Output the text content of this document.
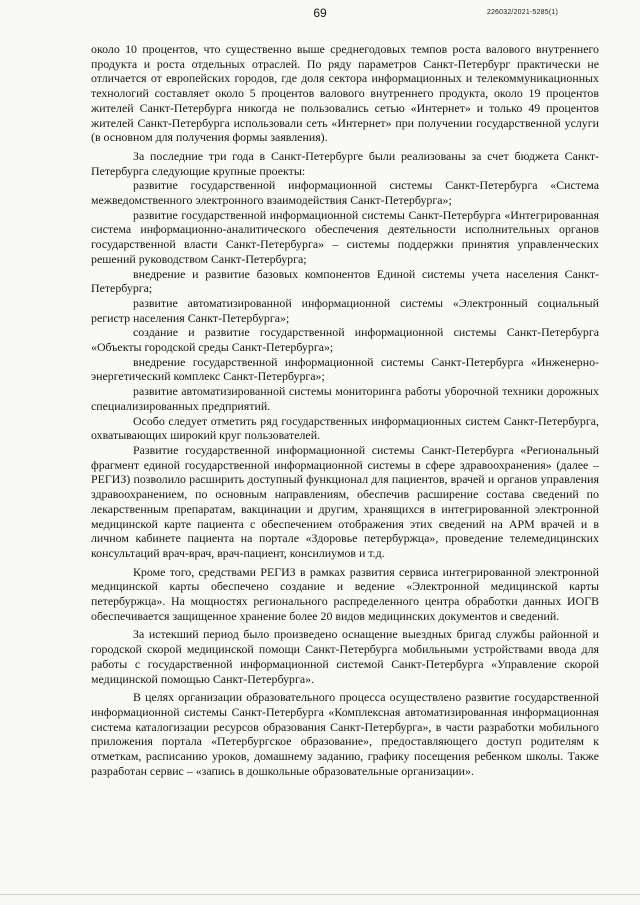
69	226032/2021-5285(1)

около 10 процентов, что существенно выше среднегодовых темпов роста валового внутреннего продукта и роста отдельных отраслей. По ряду параметров Санкт-Петербург практически не отличается от европейских городов, где доля сектора информационных и телекоммуникационных технологий составляет около 5 процентов валового внутреннего продукта, около 19 процентов жителей Санкт-Петербурга никогда не пользовались сетью «Интернет» и только 49 процентов жителей Санкт-Петербурга использовали сеть «Интернет» при получении государственной услуги (в основном для получения формы заявления).

За последние три года в Санкт-Петербурге были реализованы за счет бюджета Санкт-Петербурга следующие крупные проекты:

развитие государственной информационной системы Санкт-Петербурга «Система межведомственного электронного взаимодействия Санкт-Петербурга»;

развитие государственной информационной системы Санкт-Петербурга «Интегрированная система информационно-аналитического обеспечения деятельности исполнительных органов государственной власти Санкт-Петербурга» – системы поддержки принятия управленческих решений руководством Санкт-Петербурга;

внедрение и развитие базовых компонентов Единой системы учета населения Санкт-Петербурга;

развитие автоматизированной информационной системы «Электронный социальный регистр населения Санкт-Петербурга»;

создание и развитие государственной информационной системы Санкт-Петербурга «Объекты городской среды Санкт-Петербурга»;

внедрение государственной информационной системы Санкт-Петербурга «Инженерно-энергетический комплекс Санкт-Петербурга»;

развитие автоматизированной системы мониторинга работы уборочной техники дорожных специализированных предприятий.

Особо следует отметить ряд государственных информационных систем Санкт-Петербурга, охватывающих широкий круг пользователей.

Развитие государственной информационной системы Санкт-Петербурга «Региональный фрагмент единой государственной информационной системы в сфере здравоохранения» (далее – РЕГИЗ) позволило расширить доступный функционал для пациентов, врачей и органов управления здравоохранением, по основным направлениям, обеспечив расширение состава сведений по лекарственным препаратам, вакцинации и другим, хранящихся в интегрированной электронной медицинской карте пациента с обеспечением отображения этих сведений на АРМ врачей и в личном кабинете пациента на портале «Здоровье петербуржца», проведение телемедицинских консультаций врач-врач, врач-пациент, консилиумов и т.д.

Кроме того, средствами РЕГИЗ в рамках развития сервиса интегрированной электронной медицинской карты обеспечено создание и ведение «Электронной медицинской карты петербуржца». На мощностях регионального распределенного центра обработки данных ИОГВ обеспечивается защищенное хранение более 20 видов медицинских документов и сведений.

За истекший период было произведено оснащение выездных бригад службы районной и городской скорой медицинской помощи Санкт-Петербурга мобильными устройствами ввода для работы с государственной информационной системой Санкт-Петербурга «Управление скорой медицинской помощью Санкт-Петербурга».

В целях организации образовательного процесса осуществлено развитие государственной информационной системы Санкт-Петербурга «Комплексная автоматизированная информационная система каталогизации ресурсов образования Санкт-Петербурга», в части разработки мобильного приложения портала «Петербургское образование», предоставляющего доступ родителям к отметкам, расписанию уроков, домашнему заданию, графику посещения ребенком школы. Также разработан сервис – «запись в дошкольные образовательные организации».
